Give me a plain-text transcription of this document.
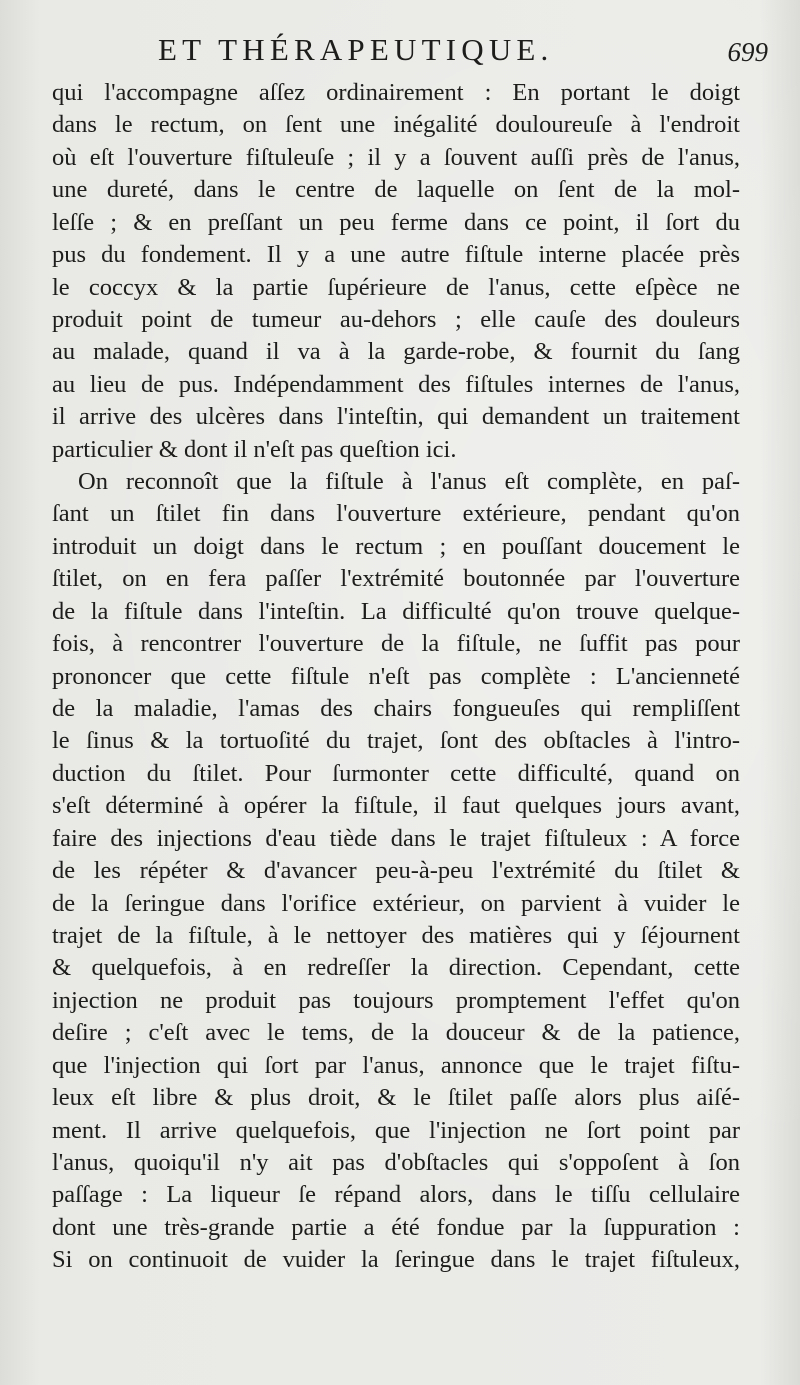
ET THÉRAPEUTIQUE.	699
qui l'accompagne aſſez ordinairement : En portant le doigt
dans le rectum, on ſent une inégalité douloureuſe à l'endroit
où eſt l'ouverture fiſtuleuſe ; il y a ſouvent auſſi près de l'anus,
une dureté, dans le centre de laquelle on ſent de la mol-
leſſe ; & en preſſant un peu ferme dans ce point, il ſort du
pus du fondement. Il y a une autre fiſtule interne placée près
le coccyx & la partie ſupérieure de l'anus, cette eſpèce ne
produit point de tumeur au-dehors ; elle cauſe des douleurs
au malade, quand il va à la garde-robe, & fournit du ſang
au lieu de pus. Indépendamment des fiſtules internes de l'anus,
il arrive des ulcères dans l'inteſtin, qui demandent un traitement
particulier & dont il n'eſt pas queſtion ici.
On reconnoît que la fiſtule à l'anus eſt complète, en paſ-
ſant un ſtilet fin dans l'ouverture extérieure, pendant qu'on
introduit un doigt dans le rectum ; en pouſſant doucement le
ſtilet, on en fera paſſer l'extrémité boutonnée par l'ouverture
de la fiſtule dans l'inteſtin. La difficulté qu'on trouve quelque-
fois, à rencontrer l'ouverture de la fiſtule, ne ſuffit pas pour
prononcer que cette fiſtule n'eſt pas complète : L'ancienneté
de la maladie, l'amas des chairs fongueuſes qui rempliſſent
le ſinus & la tortuoſité du trajet, ſont des obſtacles à l'intro-
duction du ſtilet. Pour ſurmonter cette difficulté, quand on
s'eſt déterminé à opérer la fiſtule, il faut quelques jours avant,
faire des injections d'eau tiède dans le trajet fiſtuleux : A force
de les répéter & d'avancer peu-à-peu l'extrémité du ſtilet &
de la ſeringue dans l'orifice extérieur, on parvient à vuider le
trajet de la fiſtule, à le nettoyer des matières qui y ſéjournent
& quelquefois, à en redreſſer la direction. Cependant, cette
injection ne produit pas toujours promptement l'effet qu'on
deſire ; c'eſt avec le tems, de la douceur & de la patience,
que l'injection qui ſort par l'anus, annonce que le trajet fiſtu-
leux eſt libre & plus droit, & le ſtilet paſſe alors plus aiſé-
ment. Il arrive quelquefois, que l'injection ne ſort point par
l'anus, quoiqu'il n'y ait pas d'obſtacles qui s'oppoſent à ſon
paſſage : La liqueur ſe répand alors, dans le tiſſu cellulaire
dont une très-grande partie a été fondue par la ſuppuration :
Si on continuoit de vuider la ſeringue dans le trajet fiſtuleux,
